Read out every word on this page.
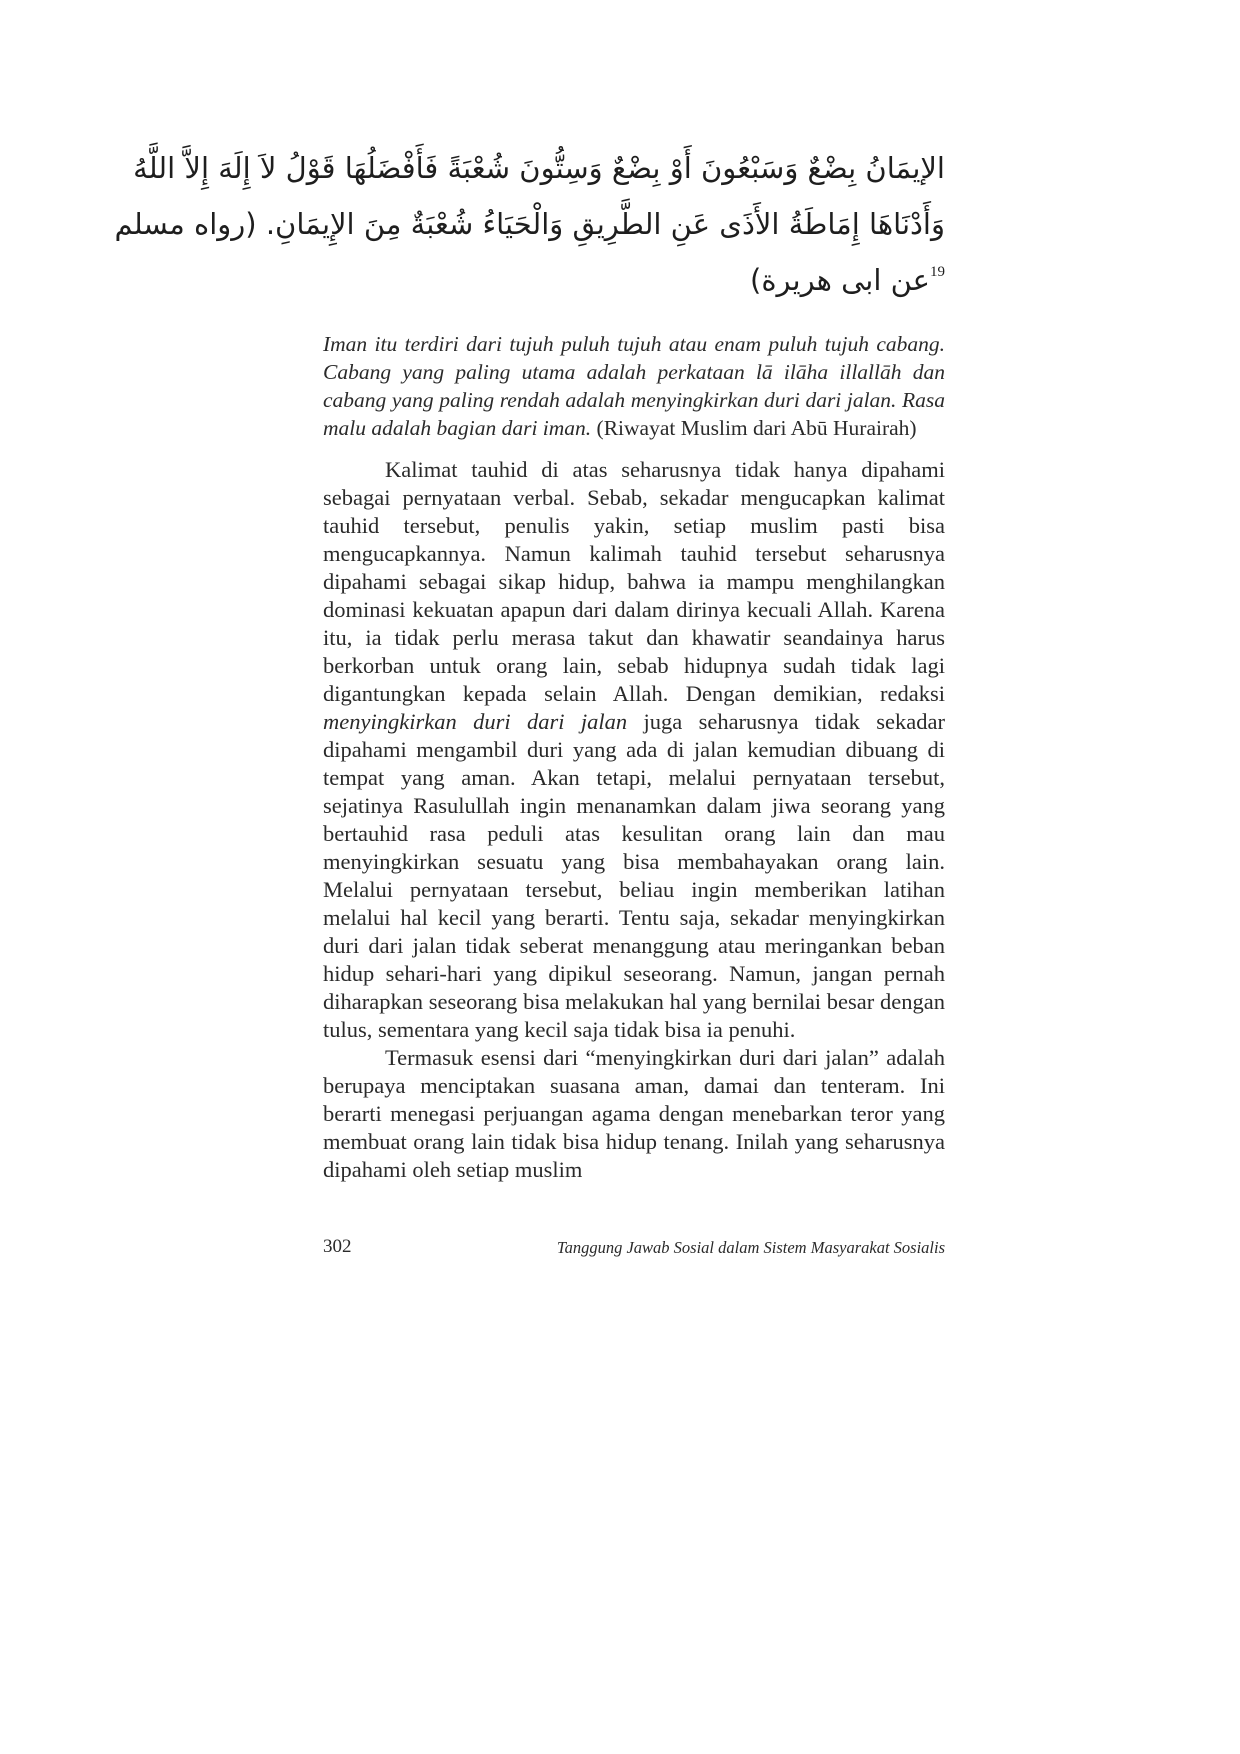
الإيمَانُ بِضْعٌ وَسَبْعُونَ أَوْ بِضْعٌ وَسِتُّونَ شُعْبَةً فَأَفْضَلُهَا قَوْلُ لاَ إِلَهَ إِلاَّ اللَّهُ
وَأَدْنَاهَا إِمَاطَةُ الأَذَى عَنِ الطَّرِيقِ وَالْحَيَاءُ شُعْبَةٌ مِنَ الإِيمَانِ. (رواه مسلم
$^{19}$عن ابى هريرة)

Iman itu terdiri dari tujuh puluh tujuh atau enam puluh tujuh cabang. Cabang yang paling utama adalah perkataan lā ilāha illallāh dan cabang yang paling rendah adalah menyingkirkan duri dari jalan. Rasa malu adalah bagian dari iman. (Riwayat Muslim dari Abū Hurairah)

Kalimat tauhid di atas seharusnya tidak hanya dipahami sebagai pernyataan verbal. Sebab, sekadar mengucapkan kalimat tauhid tersebut, penulis yakin, setiap muslim pasti bisa mengucapkannya. Namun kalimah tauhid tersebut seharusnya dipahami sebagai sikap hidup, bahwa ia mampu menghilangkan dominasi kekuatan apapun dari dalam dirinya kecuali Allah. Karena itu, ia tidak perlu merasa takut dan khawatir seandainya harus berkorban untuk orang lain, sebab hidupnya sudah tidak lagi digantungkan kepada selain Allah. Dengan demikian, redaksi menyingkirkan duri dari jalan juga seharusnya tidak sekadar dipahami mengambil duri yang ada di jalan kemudian dibuang di tempat yang aman. Akan tetapi, melalui pernyataan tersebut, sejatinya Rasulullah ingin menanamkan dalam jiwa seorang yang bertauhid rasa peduli atas kesulitan orang lain dan mau menyingkirkan sesuatu yang bisa membahayakan orang lain. Melalui pernyataan tersebut, beliau ingin memberikan latihan melalui hal kecil yang berarti. Tentu saja, sekadar menyingkirkan duri dari jalan tidak seberat menanggung atau meringankan beban hidup sehari-hari yang dipikul seseorang. Namun, jangan pernah diharapkan seseorang bisa melakukan hal yang bernilai besar dengan tulus, sementara yang kecil saja tidak bisa ia penuhi.

Termasuk esensi dari “menyingkirkan duri dari jalan” adalah berupaya menciptakan suasana aman, damai dan tenteram. Ini berarti menegasi perjuangan agama dengan menebarkan teror yang membuat orang lain tidak bisa hidup tenang. Inilah yang seharusnya dipahami oleh setiap muslim

302	Tanggung Jawab Sosial dalam Sistem Masyarakat Sosialis
